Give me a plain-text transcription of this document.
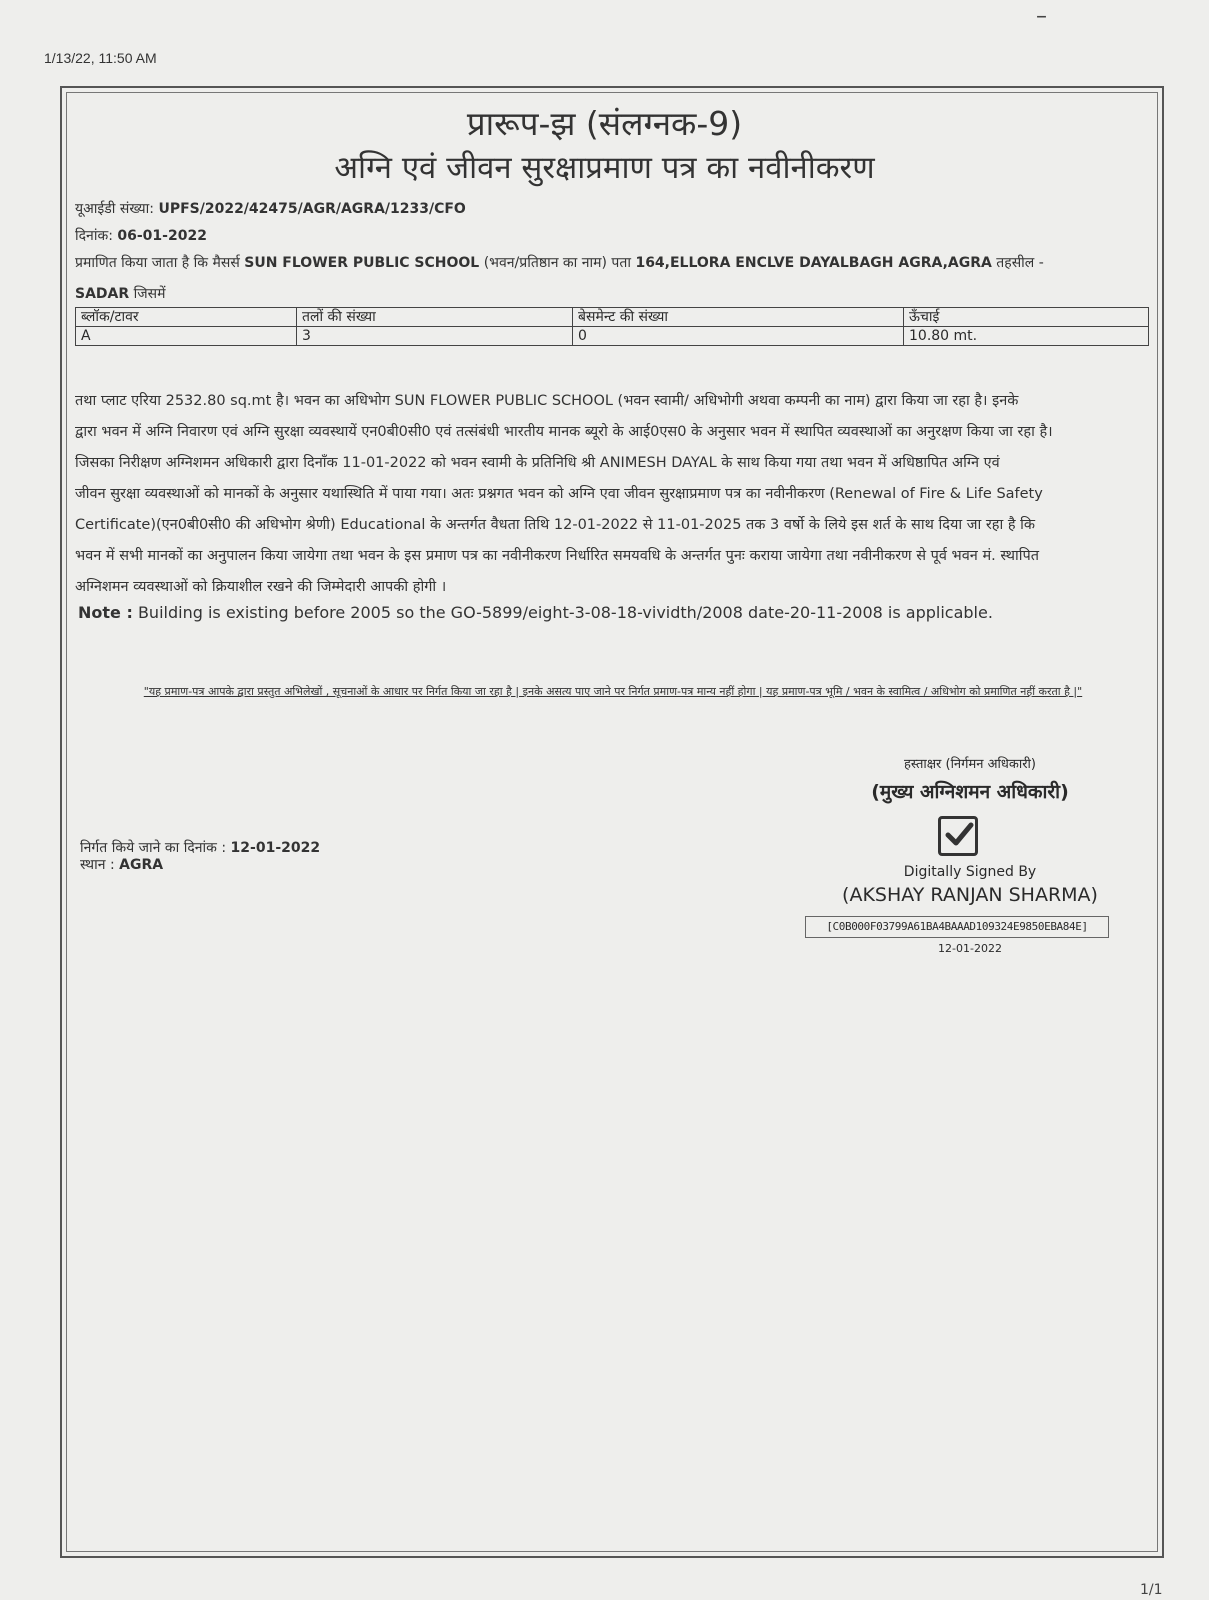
1/13/22, 11:50 AM
–
प्रारूप-झ (संलग्नक-9)
अग्नि एवं जीवन सुरक्षाप्रमाण पत्र का नवीनीकरण
यूआईडी संख्या: UPFS/2022/42475/AGR/AGRA/1233/CFO
दिनांक: 06-01-2022
प्रमाणित किया जाता है कि मैसर्स SUN FLOWER PUBLIC SCHOOL (भवन/प्रतिष्ठान का नाम) पता 164,ELLORA ENCLVE DAYALBAGH AGRA,AGRA तहसील -
SADAR जिसमें
ब्लॉक/टावर	तलों की संख्या	बेसमेन्ट की संख्या	ऊँचाई
A	3	0	10.80 mt.

तथा प्लाट एरिया 2532.80 sq.mt है। भवन का अधिभोग SUN FLOWER PUBLIC SCHOOL (भवन स्वामी/ अधिभोगी अथवा कम्पनी का नाम) द्वारा किया जा रहा है। इनके

द्वारा भवन में अग्नि निवारण एवं अग्नि सुरक्षा व्यवस्थायें एन0बी0सी0 एवं तत्संबंधी भारतीय मानक ब्यूरो के आई0एस0 के अनुसार भवन में स्थापित व्यवस्थाओं का अनुरक्षण किया जा रहा है।

जिसका निरीक्षण अग्निशमन अधिकारी द्वारा दिनाँक 11-01-2022 को भवन स्वामी के प्रतिनिधि श्री ANIMESH DAYAL के साथ किया गया तथा भवन में अधिष्ठापित अग्नि एवं

जीवन सुरक्षा व्यवस्थाओं को मानकों के अनुसार यथास्थिति में पाया गया। अतः प्रश्नगत भवन को अग्नि एवा जीवन सुरक्षाप्रमाण पत्र का नवीनीकरण (Renewal of Fire & Life Safety

Certificate)(एन0बी0सी0 की अधिभोग श्रेणी) Educational के अन्तर्गत वैधता तिथि 12-01-2022 से 11-01-2025 तक 3 वर्षो के लिये इस शर्त के साथ दिया जा रहा है कि

भवन में सभी मानकों का अनुपालन किया जायेगा तथा भवन के इस प्रमाण पत्र का नवीनीकरण निर्धारित समयवधि के अन्तर्गत पुनः कराया जायेगा तथा नवीनीकरण से पूर्व भवन मं. स्थापित

अग्निशमन व्यवस्थाओं को क्रियाशील रखने की जिम्मेदारी आपकी होगी ।

Note : Building is existing before 2005 so the GO-5899/eight-3-08-18-vividth/2008 date-20-11-2008 is applicable.
"यह प्रमाण-पत्र आपके द्वारा प्रस्तुत अभिलेखों , सूचनाओं के आधार पर निर्गत किया जा रहा है | इनके असत्य पाए जाने पर निर्गत प्रमाण-पत्र मान्य नहीं होगा | यह प्रमाण-पत्र भूमि / भवन के स्वामित्व / अधिभोग को प्रमाणित नहीं करता है |"
हस्ताक्षर (निर्गमन अधिकारी)
(मुख्य अग्निशमन अधिकारी)
Digitally Signed By
(AKSHAY RANJAN SHARMA)
[C0B000F03799A61BA4BAAAD109324E9850EBA84E]
12-01-2022
निर्गत किये जाने का दिनांक : 12-01-2022
स्थान : AGRA
1/1
